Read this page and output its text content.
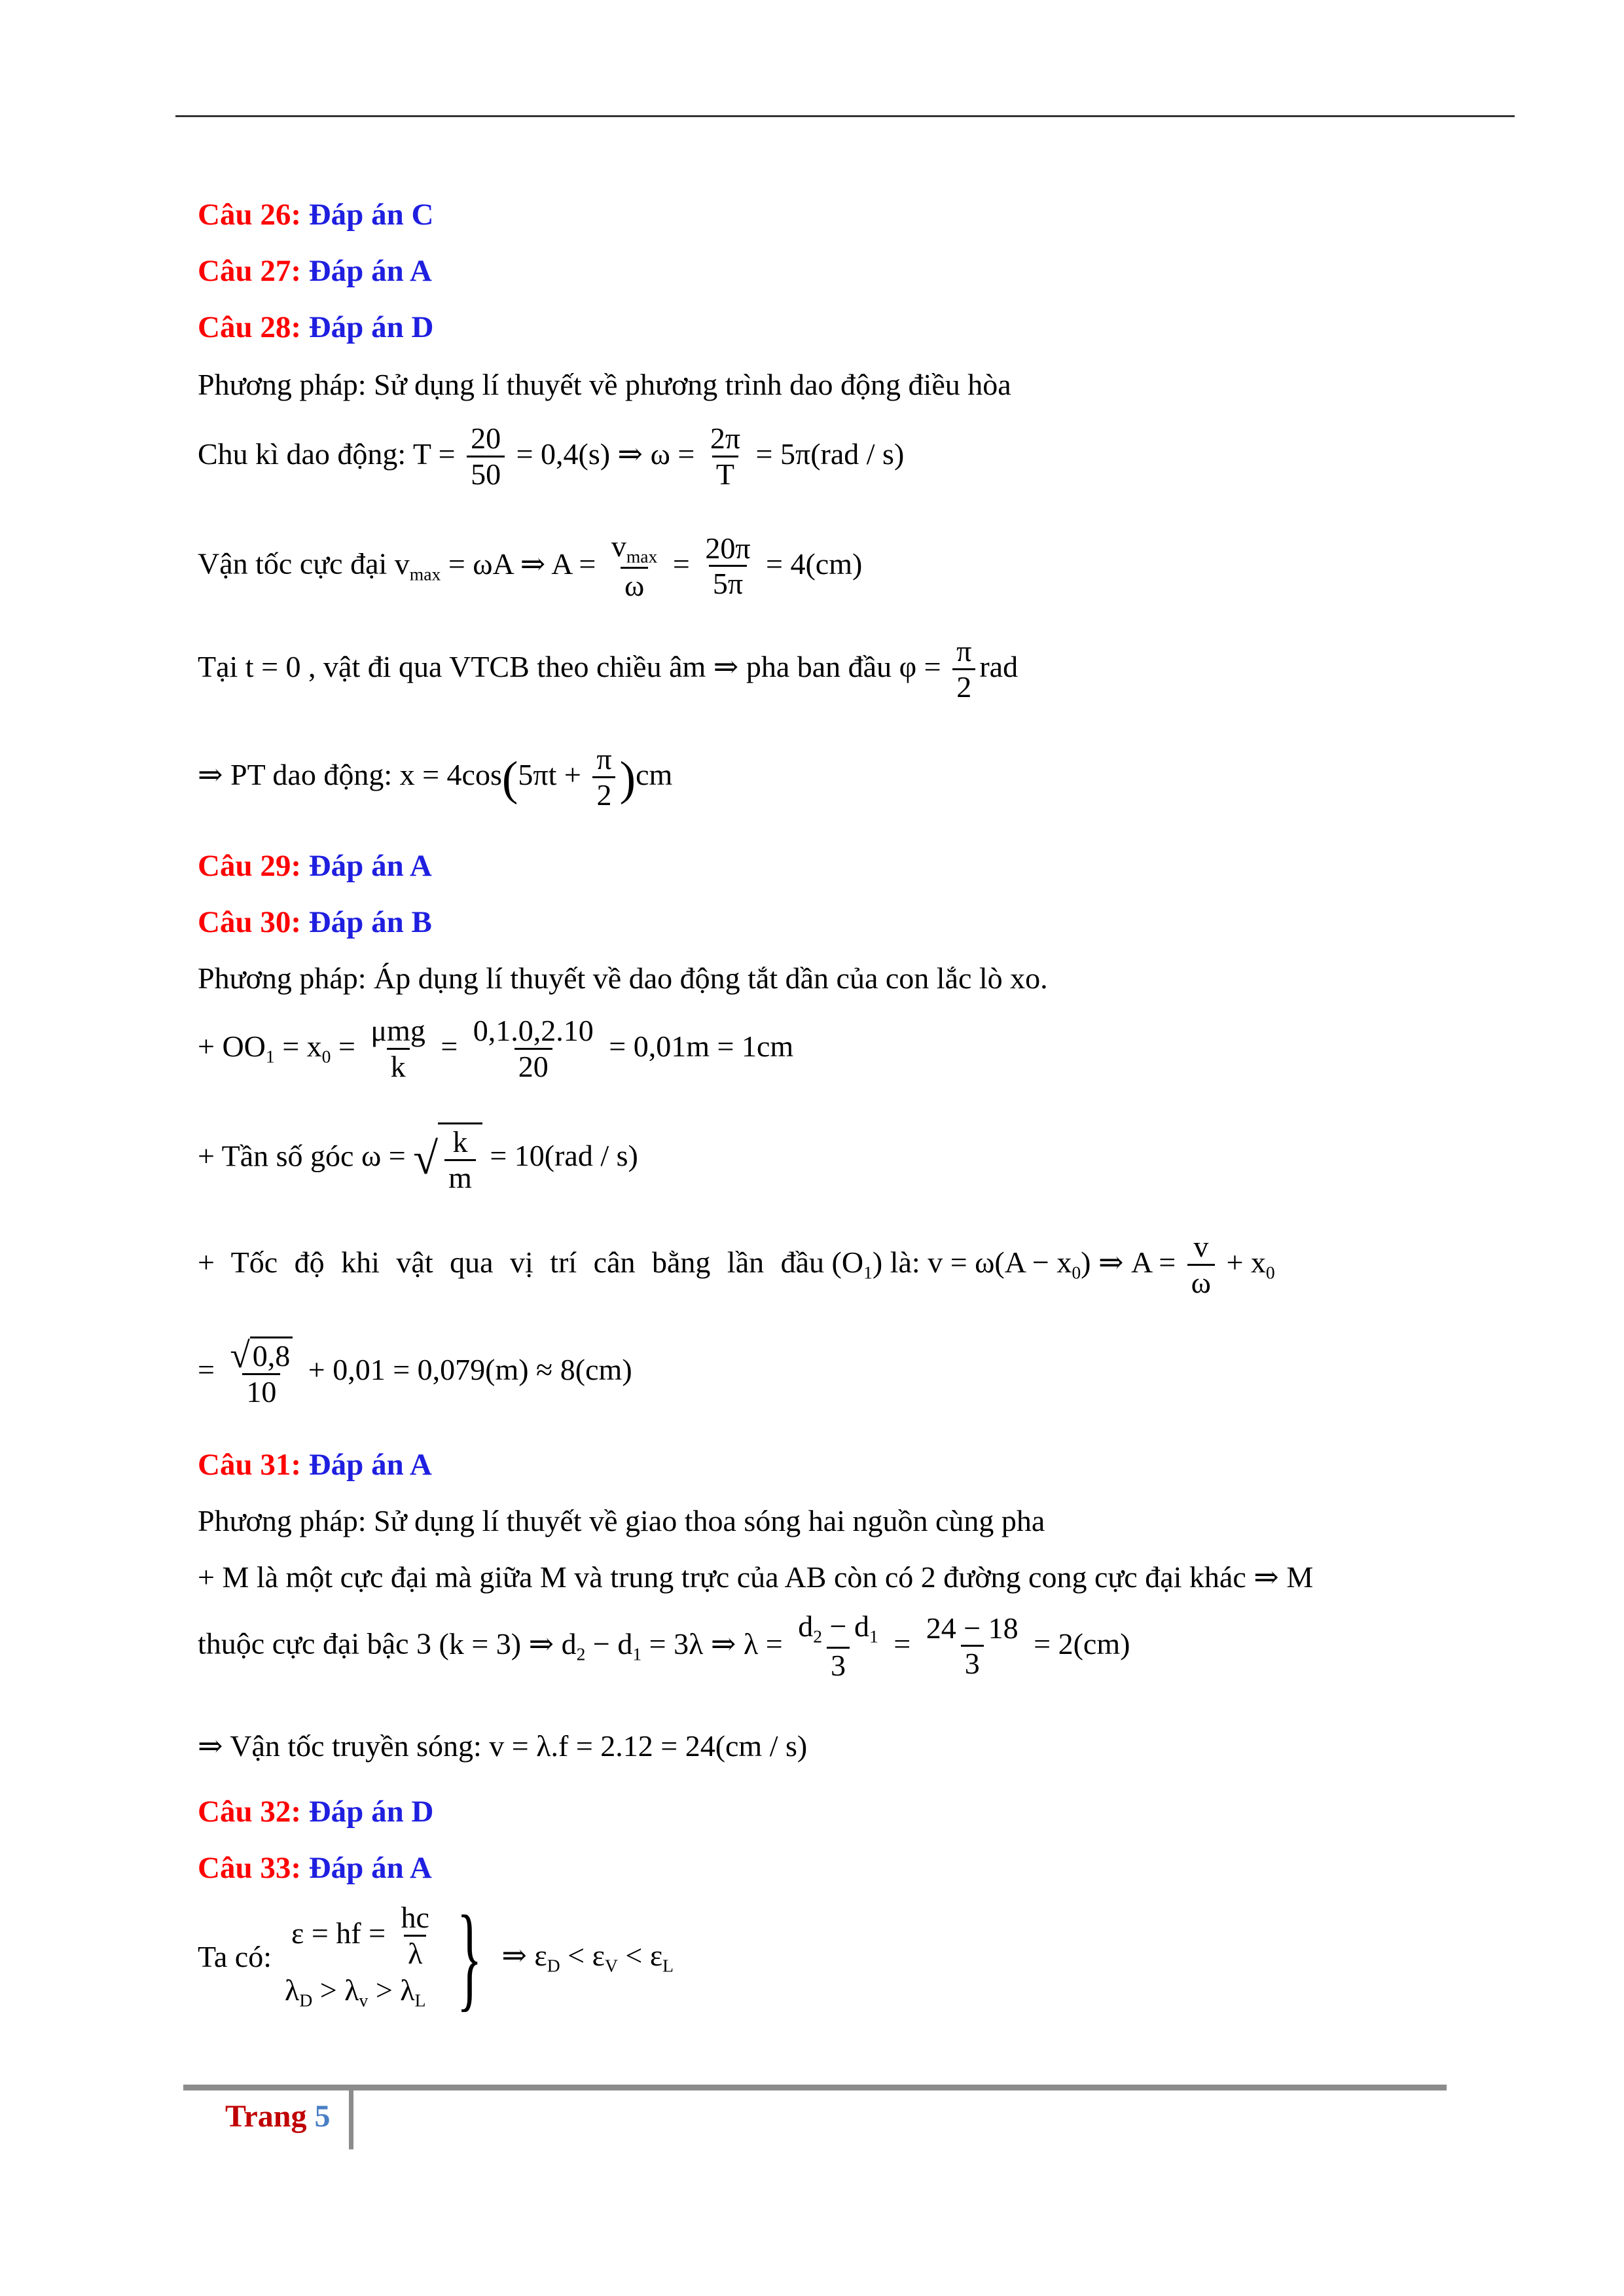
Câu 26: Đáp án C
Câu 27: Đáp án A
Câu 28: Đáp án D
Phương pháp: Sử dụng lí thuyết về phương trình dao động điều hòa
Chu kì dao động: $T = \frac{20}{50} = 0,4(s)$ ⇒ $\omega = \frac{2\pi}{T} = 5\pi(rad / s)$
Vận tốc cực đại $v_{max} = \omega A$ ⇒ $A = \frac{v_{max}}{\omega} = \frac{20\pi}{5\pi} = 4(cm)$
Tại t = 0 , vật đi qua VTCB theo chiều âm ⇒ pha ban đầu $\varphi = \frac{\pi}{2}$ rad
⇒ PT dao động: $x = 4\cos(5\pi t + \frac{\pi}{2} )cm$
Câu 29: Đáp án A
Câu 30: Đáp án B
Phương pháp: Áp dụng lí thuyết về dao động tắt dần của con lắc lò xo.
+ $OO_1 = x_0 = \frac{\text{μmg}}{k} = \frac{0,1.0,2.10}{20} = 0,01m = 1cm$
+ Tần số góc ω = √ $\frac{k}{m} = 10(rad / s)$
+ Tốc độ khi vật qua vị trí cân bằng lần đầu $(O_1)$ là: $v = \omega(A - x_0)$ ⇒ $A = \frac{v}{\omega} + x_0$
= $\frac{√0,8}{10} + 0,01 = 0,079(m) \approx 8(cm)$
Câu 31: Đáp án A
Phương pháp: Sử dụng lí thuyết về giao thoa sóng hai nguồn cùng pha
+ M là một cực đại mà giữa M và trung trực của AB còn có 2 đường cong cực đại khác ⇒ M
thuộc cực đại bậc 3 (k = 3) ⇒ $d_2 - d_1 = 3\lambda$ ⇒ $\lambda = \frac{d_2 - d_1}{3} = \frac{24 - 18}{3} = 2(cm)$
⇒ Vận tốc truyền sóng: v = λ.f = 2.12 = 24(cm / s)
Câu 32: Đáp án D
Câu 33: Đáp án A
Ta có:
ε = hf = $\frac{hc}{\lambda}$
$\lambda_D > \lambda_v > \lambda_L$ } ⇒ $\varepsilon_D < \varepsilon_V < \varepsilon_L$
Trang 5
